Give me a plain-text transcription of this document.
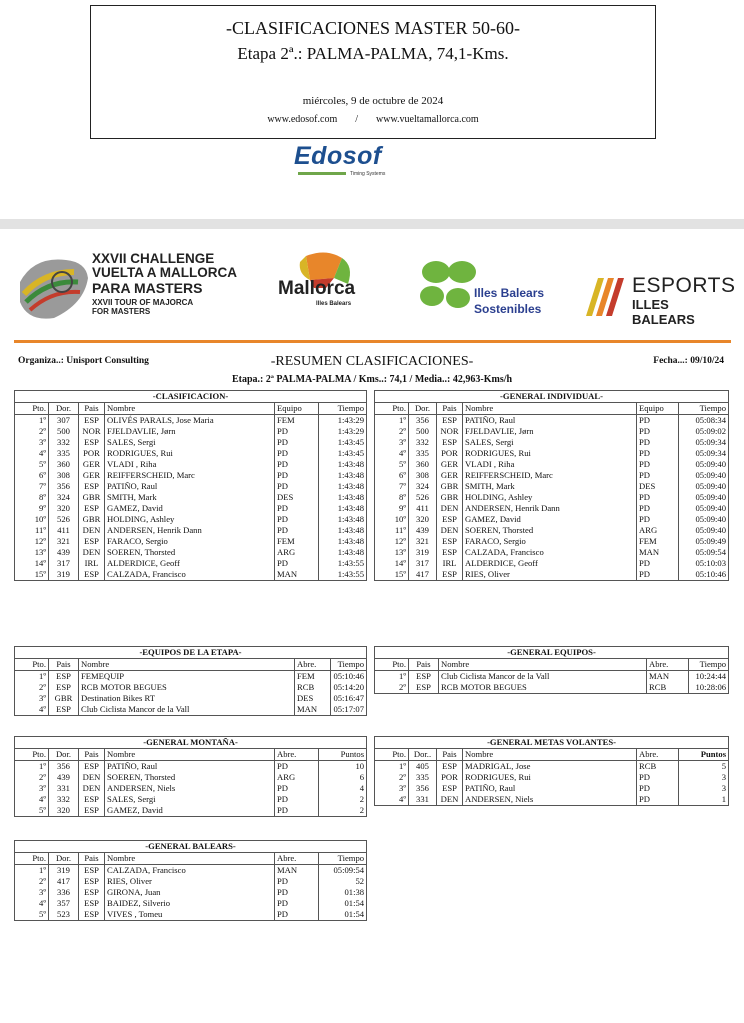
-CLASIFICACIONES MASTER 50-60-
Etapa 2ª.: PALMA-PALMA, 74,1-Kms.
miércoles, 9 de octubre de 2024
www.edosof.com / www.vueltamallorca.com
Edosof
Timing Systems
XXVII CHALLENGE
VUELTA A MALLORCA
PARA MASTERS
XXVII TOUR OF MAJORCA
FOR MASTERS
Mallorca
Illes Balears
Illes Balears
Sostenibles
ESPORTS
ILLES BALEARS
Organiza..: Unisport Consulting	-RESUMEN CLASIFICACIONES-	Fecha...: 09/10/24
Etapa.: 2ª PALMA-PALMA / Kms..: 74,1 / Media..: 42,963-Kms/h
-CLASIFICACION-					
Pto.	Dor.	Pais	Nombre	Equipo	Tiempo
1º	307	ESP	OLIVÉS PARALS, Jose Maria	FEM	1:43:29
2º	500	NOR	FJELDAVLIE, Jørn	PD	1:43:29
3º	332	ESP	SALES, Sergi	PD	1:43:45
4º	335	POR	RODRIGUES, Rui	PD	1:43:45
5º	360	GER	VLADI , Riha	PD	1:43:48
6º	308	GER	REIFFERSCHEID, Marc	PD	1:43:48
7º	356	ESP	PATIÑO, Raul	PD	1:43:48
8º	324	GBR	SMITH, Mark	DES	1:43:48
9º	320	ESP	GAMEZ, David	PD	1:43:48
10º	526	GBR	HOLDING, Ashley	PD	1:43:48
11º	411	DEN	ANDERSEN, Henrik Dann	PD	1:43:48
12º	321	ESP	FARACO, Sergio	FEM	1:43:48
13º	439	DEN	SOEREN, Thorsted	ARG	1:43:48
14º	317	IRL	ALDERDICE, Geoff	PD	1:43:55
15º	319	ESP	CALZADA, Francisco	MAN	1:43:55
-GENERAL INDIVIDUAL-					
Pto.	Dor.	Pais	Nombre	Equipo	Tiempo
1º	356	ESP	PATIÑO, Raul	PD	05:08:34
2º	500	NOR	FJELDAVLIE, Jørn	PD	05:09:02
3º	332	ESP	SALES, Sergi	PD	05:09:34
4º	335	POR	RODRIGUES, Rui	PD	05:09:34
5º	360	GER	VLADI , Riha	PD	05:09:40
6º	308	GER	REIFFERSCHEID, Marc	PD	05:09:40
7º	324	GBR	SMITH, Mark	DES	05:09:40
8º	526	GBR	HOLDING, Ashley	PD	05:09:40
9º	411	DEN	ANDERSEN, Henrik Dann	PD	05:09:40
10º	320	ESP	GAMEZ, David	PD	05:09:40
11º	439	DEN	SOEREN, Thorsted	ARG	05:09:40
12º	321	ESP	FARACO, Sergio	FEM	05:09:49
13º	319	ESP	CALZADA, Francisco	MAN	05:09:54
14º	317	IRL	ALDERDICE, Geoff	PD	05:10:03
15º	417	ESP	RIES, Oliver	PD	05:10:46
-EQUIPOS DE LA ETAPA-				
Pto.	Pais	Nombre	Abre.	Tiempo
1º	ESP	FEMEQUIP	FEM	05:10:46
2º	ESP	RCB MOTOR BEGUES	RCB	05:14:20
3º	GBR	Destination Bikes RT	DES	05:16:47
4º	ESP	Club Ciclista Mancor de la Vall	MAN	05:17:07
-GENERAL EQUIPOS-				
Pto.	Pais	Nombre	Abre.	Tiempo
1º	ESP	Club Ciclista Mancor de la Vall	MAN	10:24:44
2º	ESP	RCB MOTOR BEGUES	RCB	10:28:06
-GENERAL MONTAÑA-					
Pto.	Dor.	Pais	Nombre	Abre.	Puntos
1º	356	ESP	PATIÑO, Raul	PD	10
2º	439	DEN	SOEREN, Thorsted	ARG	6
3º	331	DEN	ANDERSEN, Niels	PD	4
4º	332	ESP	SALES, Sergi	PD	2
5º	320	ESP	GAMEZ, David	PD	2
-GENERAL METAS VOLANTES-					
Pto.	Dor..	Pais	Nombre	Abre.	Puntos
1º	405	ESP	MADRIGAL, Jose	RCB	5
2º	335	POR	RODRIGUES, Rui	PD	3
3º	356	ESP	PATIÑO, Raul	PD	3
4º	331	DEN	ANDERSEN, Niels	PD	1
-GENERAL BALEARS-					
Pto.	Dor.	Pais	Nombre	Abre.	Tiempo
1º	319	ESP	CALZADA, Francisco	MAN	05:09:54
2º	417	ESP	RIES, Oliver	PD	52
3º	336	ESP	GIRONA, Juan	PD	01:38
4º	357	ESP	BAIDEZ, Silverio	PD	01:54
5º	523	ESP	VIVES , Tomeu	PD	01:54
